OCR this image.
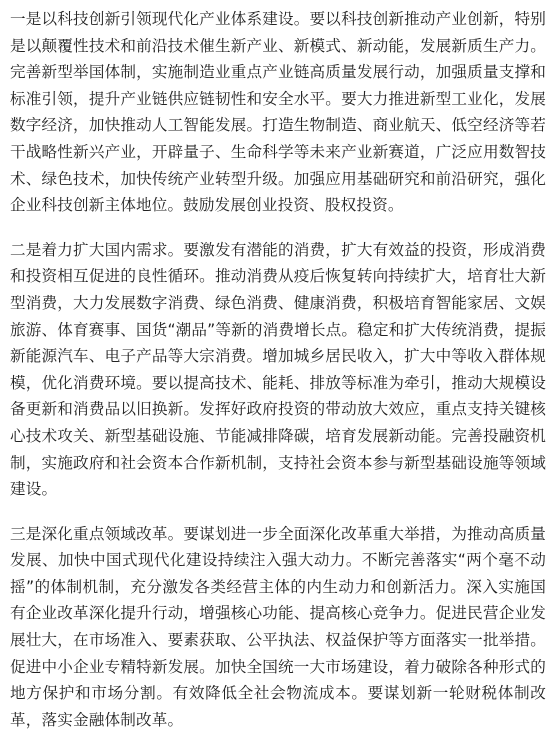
一是以科技创新引领现代化产业体系建设。要以科技创新推动产业创新，特别是以颠覆性技术和前沿技术催生新产业、新模式、新动能，发展新质生产力。完善新型举国体制，实施制造业重点产业链高质量发展行动，加强质量支撑和标准引领，提升产业链供应链韧性和安全水平。要大力推进新型工业化，发展数字经济，加快推动人工智能发展。打造生物制造、商业航天、低空经济等若干战略性新兴产业，开辟量子、生命科学等未来产业新赛道，广泛应用数智技术、绿色技术，加快传统产业转型升级。加强应用基础研究和前沿研究，强化企业科技创新主体地位。鼓励发展创业投资、股权投资。

二是着力扩大国内需求。要激发有潜能的消费，扩大有效益的投资，形成消费和投资相互促进的良性循环。推动消费从疫后恢复转向持续扩大，培育壮大新型消费，大力发展数字消费、绿色消费、健康消费，积极培育智能家居、文娱旅游、体育赛事、国货“潮品”等新的消费增长点。稳定和扩大传统消费，提振新能源汽车、电子产品等大宗消费。增加城乡居民收入，扩大中等收入群体规模，优化消费环境。要以提高技术、能耗、排放等标准为牵引，推动大规模设备更新和消费品以旧换新。发挥好政府投资的带动放大效应，重点支持关键核心技术攻关、新型基础设施、节能减排降碳，培育发展新动能。完善投融资机制，实施政府和社会资本合作新机制，支持社会资本参与新型基础设施等领域建设。

三是深化重点领域改革。要谋划进一步全面深化改革重大举措，为推动高质量发展、加快中国式现代化建设持续注入强大动力。不断完善落实“两个毫不动摇”的体制机制，充分激发各类经营主体的内生动力和创新活力。深入实施国有企业改革深化提升行动，增强核心功能、提高核心竞争力。促进民营企业发展壮大，在市场准入、要素获取、公平执法、权益保护等方面落实一批举措。促进中小企业专精特新发展。加快全国统一大市场建设，着力破除各种形式的地方保护和市场分割。有效降低全社会物流成本。要谋划新一轮财税体制改革，落实金融体制改革。
